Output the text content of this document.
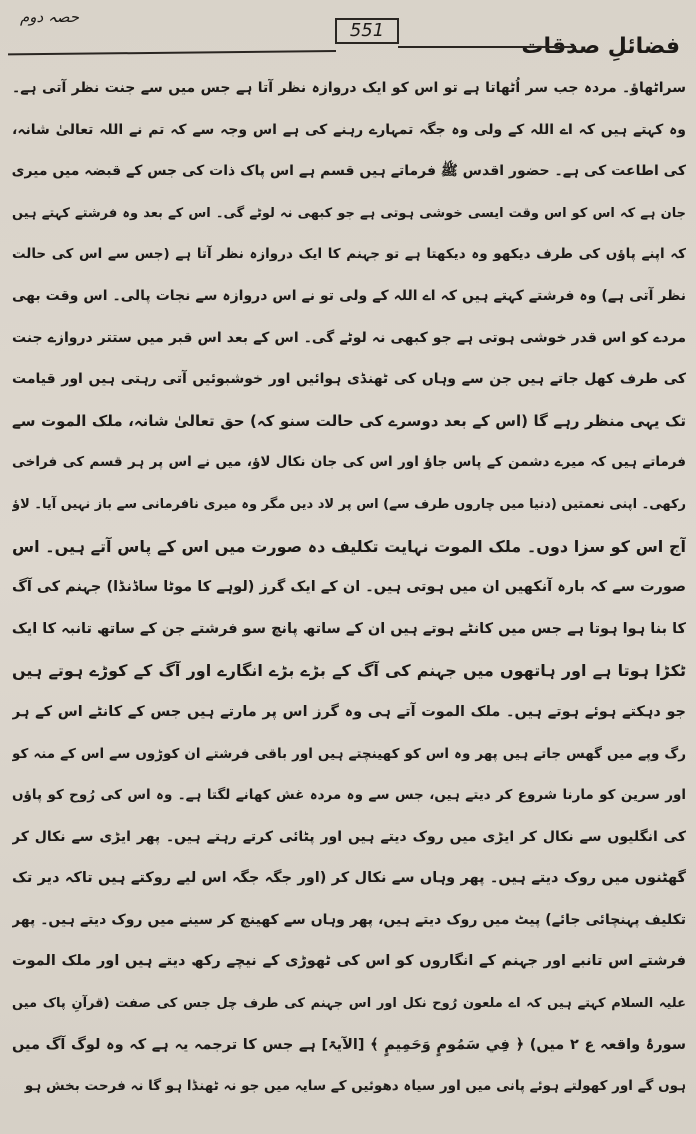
حصہ دوم
551
فضائلِ صدقات
سراٹھاؤ۔ مردہ جب سر اُٹھاتا ہے تو اس کو ایک دروازہ نظر آتا ہے جس میں سے جنت نظر آتی ہے۔
وہ کہتے ہیں کہ اے اللہ کے ولی وہ جگہ تمہارے رہنے کی ہے اس وجہ سے کہ تم نے اللہ تعالیٰ شانہ،
کی اطاعت کی ہے۔ حضور اقدس ﷺ فرماتے ہیں قسم ہے اس پاک ذات کی جس کے قبضہ میں میری
جان ہے کہ اس کو اس وقت ایسی خوشی ہوتی ہے جو کبھی نہ لوٹے گی۔ اس کے بعد وہ فرشتے کہتے ہیں
کہ اپنے پاؤں کی طرف دیکھو وہ دیکھتا ہے تو جہنم کا ایک دروازہ نظر آتا ہے (جس سے اس کی حالت
نظر آتی ہے) وہ فرشتے کہتے ہیں کہ اے اللہ کے ولی تو نے اس دروازہ سے نجات پالی۔ اس وقت بھی
مردے کو اس قدر خوشی ہوتی ہے جو کبھی نہ لوٹے گی۔ اس کے بعد اس قبر میں ستتر دروازے جنت
کی طرف کھل جاتے ہیں جن سے وہاں کی ٹھنڈی ہوائیں اور خوشبوئیں آتی رہتی ہیں اور قیامت
تک یہی منظر رہے گا (اس کے بعد دوسرے کی حالت سنو کہ) حق تعالیٰ شانہ، ملک الموت سے
فرماتے ہیں کہ میرے دشمن کے پاس جاؤ اور اس کی جان نکال لاؤ، میں نے اس پر ہر قسم کی فراخی
رکھی۔ اپنی نعمتیں (دنیا میں چاروں طرف سے) اس پر لاد دیں مگر وہ میری نافرمانی سے باز نہیں آیا۔ لاؤ
آج اس کو سزا دوں۔ ملک الموت نہایت تکلیف دہ صورت میں اس کے پاس آتے ہیں۔ اس
صورت سے کہ بارہ آنکھیں ان میں ہوتی ہیں۔ ان کے ایک گرز (لوہے کا موٹا ساڈنڈا) جہنم کی آگ
کا بنا ہوا ہوتا ہے جس میں کانٹے ہوتے ہیں ان کے ساتھ پانچ سو فرشتے جن کے ساتھ تانبہ کا ایک
ٹکڑا ہوتا ہے اور ہاتھوں میں جہنم کی آگ کے بڑے بڑے انگارے اور آگ کے کوڑے ہوتے ہیں
جو دہکتے ہوئے ہوتے ہیں۔ ملک الموت آتے ہی وہ گرز اس پر مارتے ہیں جس کے کانٹے اس کے ہر
رگ وپے میں گھس جاتے ہیں پھر وہ اس کو کھینچتے ہیں اور باقی فرشتے ان کوڑوں سے اس کے منہ کو
اور سرین کو مارنا شروع کر دیتے ہیں، جس سے وہ مردہ غش کھانے لگتا ہے۔ وہ اس کی رُوح کو پاؤں
کی انگلیوں سے نکال کر ایڑی میں روک دیتے ہیں اور پٹائی کرتے رہتے ہیں۔ پھر ایڑی سے نکال کر
گھٹنوں میں روک دیتے ہیں۔ پھر وہاں سے نکال کر (اور جگہ جگہ اس لیے روکتے ہیں تاکہ دیر تک
تکلیف پہنچائی جائے) پیٹ میں روک دیتے ہیں، پھر وہاں سے کھینچ کر سینے میں روک دیتے ہیں۔ پھر
فرشتے اس تانبے اور جہنم کے انگاروں کو اس کی ٹھوڑی کے نیچے رکھ دیتے ہیں اور ملک الموت
علیہ السلام کہتے ہیں کہ اے ملعون رُوح نکل اور اس جہنم کی طرف چل جس کی صفت (قرآنِ پاک میں
سورۂ واقعہ ع ۲ میں) ﴿ فِي سَمُومٍ وَحَمِيمٍ ﴾ [الآیۃ] ہے جس کا ترجمہ یہ ہے کہ وہ لوگ آگ میں
ہوں گے اور کھولتے ہوئے پانی میں اور سیاہ دھوئیں کے سایہ میں جو نہ ٹھنڈا ہو گا نہ فرحت بخش ہو
